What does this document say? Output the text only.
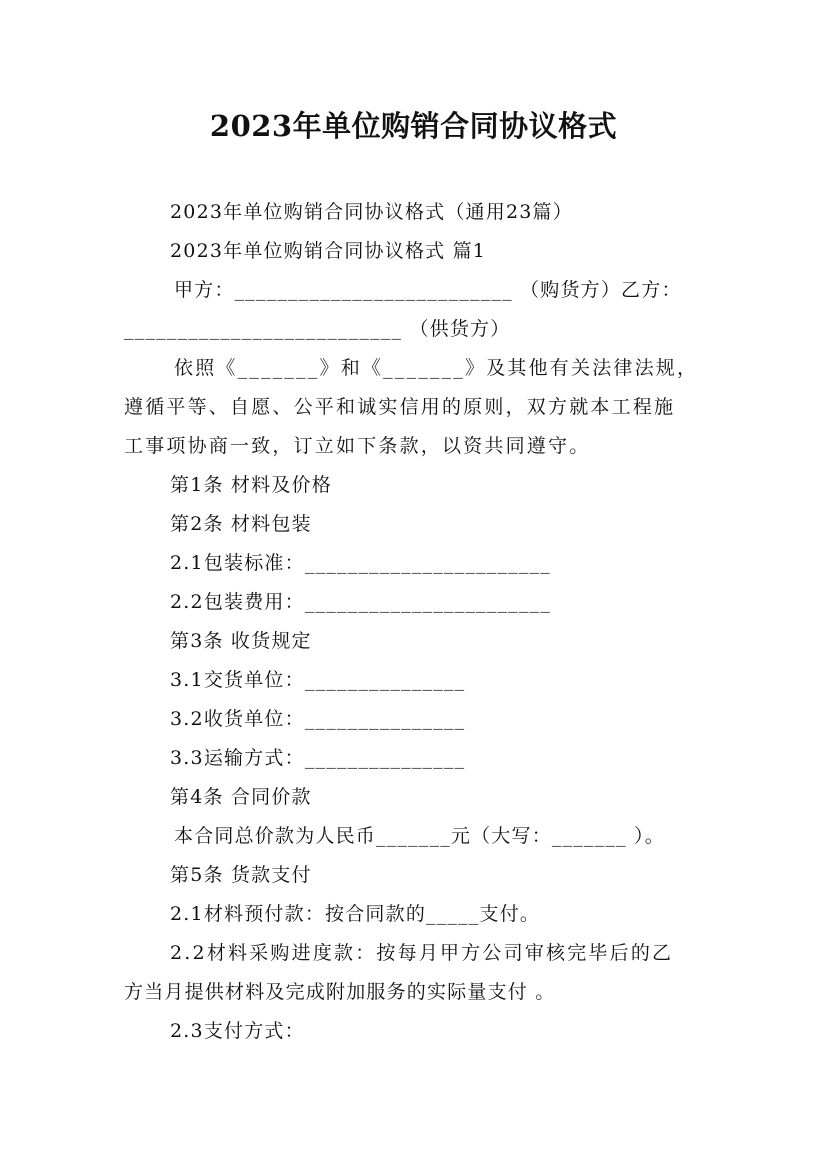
2023年单位购销合同协议格式
2023年单位购销合同协议格式（通用23篇）
2023年单位购销合同协议格式 篇1
甲方：__________________________ （购货方）乙方：
__________________________ （供货方）
依照《_______》和《_______》及其他有关法律法规，
遵循平等、自愿、公平和诚实信用的原则，双方就本工程施
工事项协商一致，订立如下条款，以资共同遵守。
第1条 材料及价格
第2条 材料包装
2.1包装标准：_______________________
2.2包装费用：_______________________
第3条 收货规定
3.1交货单位：_______________
3.2收货单位：_______________
3.3运输方式：_______________
第4条 合同价款
本合同总价款为人民币_______元（大写：_______ ）。
第5条 货款支付
2.1材料预付款：按合同款的_____支付。
2.2材料采购进度款：按每月甲方公司审核完毕后的乙
方当月提供材料及完成附加服务的实际量支付 。
2.3支付方式：
